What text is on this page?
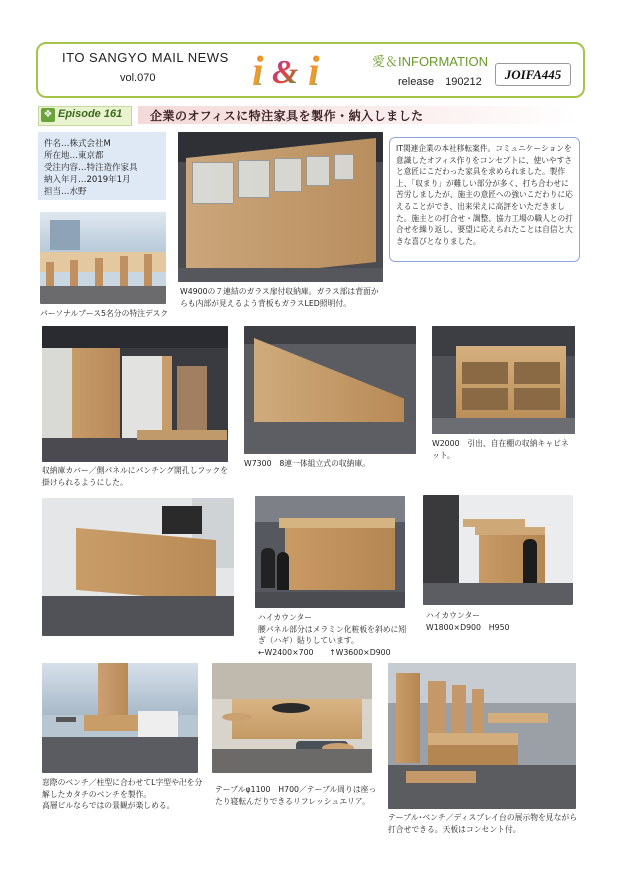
ITO SANGYO MAIL NEWS
vol.070 i & i	愛＆INFORMATION
release　190212	JOIFA445
❖ Episode 161 企業のオフィスに特注家具を製作・納入しました
件名…株式会社M
所在地…東京都
受注内容…特注造作家具
納入年月…2019年1月
担当…水野
パーソナルブース5名分の特注デスク
W4900の７連結のガラス扉付収納庫。ガラス部は背面からも内部が見えるよう背板もガラスLED照明付。
IT関連企業の本社移転案件。コミュニケーションを意識したオフィス作りをコンセプトに、使いやすさと意匠にこだわった家具を求められました。製作上、「収まり」が難しい部分が多く、打ち合わせに苦労しましたが、施主の意匠への強いこだわりに応えることができ、出来栄えに高評をいただきました。施主との打合せ・調整、協力工場の職人との打合せを繰り返し、要望に応えられたことは自信と大きな喜びとなりました。
収納庫カバー／側パネルにパンチング開孔しフックを掛けられるようにした。
W7300　8連一体組立式の収納庫。
W2000　引出、自在棚の収納キャビネット。
ハイカウンター
腰パネル部分はメラミン化粧板を斜めに矧ぎ（ハギ）貼りしています。
←W2400×700　　↑W3600×D900
ハイカウンター
W1800×D900　H950
窓際のベンチ／柱型に合わせてL字型や卍を分解したカタチのベンチを製作。
高層ビルならではの景観が楽しめる。
テーブルφ1100　H700／テーブル周りは座ったり寝転んだりできるリフレッシュエリア。
テーブル･ベンチ／ディスプレイ台の展示物を見ながら打合せできる。天板はコンセント付。
